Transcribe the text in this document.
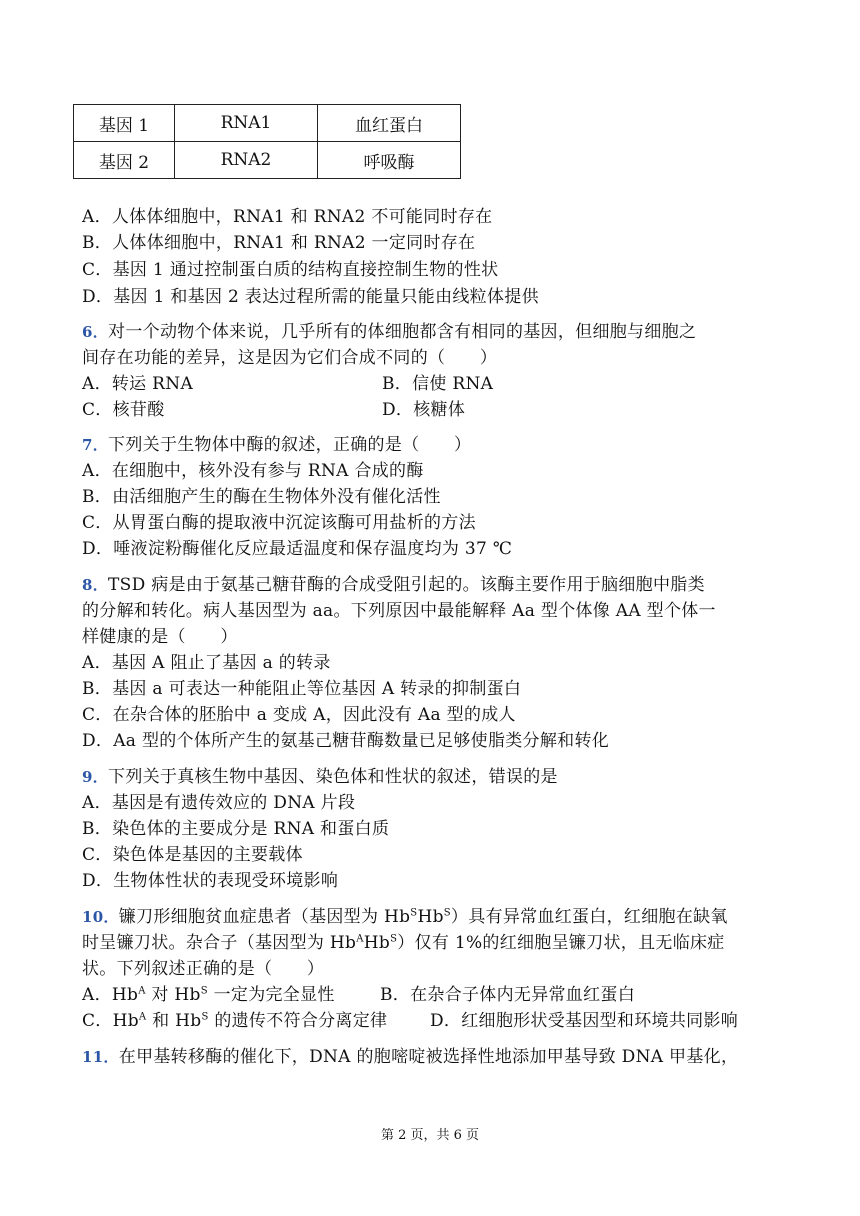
基因 1	RNA1	血红蛋白
基因 2	RNA2	呼吸酶
A．人体体细胞中，RNA1 和 RNA2 不可能同时存在
B．人体体细胞中，RNA1 和 RNA2 一定同时存在
C．基因 1 通过控制蛋白质的结构直接控制生物的性状
D．基因 1 和基因 2 表达过程所需的能量只能由线粒体提供
6．对一个动物个体来说，几乎所有的体细胞都含有相同的基因，但细胞与细胞之
间存在功能的差异，这是因为它们合成不同的（　　）
A．转运 RNA	B．信使 RNA
C．核苷酸	D．核糖体
7．下列关于生物体中酶的叙述，正确的是（　　）
A．在细胞中，核外没有参与 RNA 合成的酶
B．由活细胞产生的酶在生物体外没有催化活性
C．从胃蛋白酶的提取液中沉淀该酶可用盐析的方法
D．唾液淀粉酶催化反应最适温度和保存温度均为 37 ℃
8．TSD 病是由于氨基己糖苷酶的合成受阻引起的。该酶主要作用于脑细胞中脂类
的分解和转化。病人基因型为 aa。下列原因中最能解释 Aa 型个体像 AA 型个体一
样健康的是（　　）
A．基因 A 阻止了基因 a 的转录
B．基因 a 可表达一种能阻止等位基因 A 转录的抑制蛋白
C．在杂合体的胚胎中 a 变成 A，因此没有 Aa 型的成人
D．Aa 型的个体所产生的氨基己糖苷酶数量已足够使脂类分解和转化
9．下列关于真核生物中基因、染色体和性状的叙述，错误的是
A．基因是有遗传效应的 DNA 片段
B．染色体的主要成分是 RNA 和蛋白质
C．染色体是基因的主要载体
D．生物体性状的表现受环境影响
10．镰刀形细胞贫血症患者（基因型为 $Hb^SHb^S$）具有异常血红蛋白，红细胞在缺氧
时呈镰刀状。杂合子（基因型为 $Hb^AHb^S$）仅有 1%的红细胞呈镰刀状，且无临床症
状。下列叙述正确的是（　　）
A．$Hb^A$ 对 $Hb^S$ 一定为完全显性	B．在杂合子体内无异常血红蛋白
C．$Hb^A$ 和 $Hb^S$ 的遗传不符合分离定律	D．红细胞形状受基因型和环境共同影响
11．在甲基转移酶的催化下，DNA 的胞嘧啶被选择性地添加甲基导致 DNA 甲基化，
第 2 页，共 6 页
